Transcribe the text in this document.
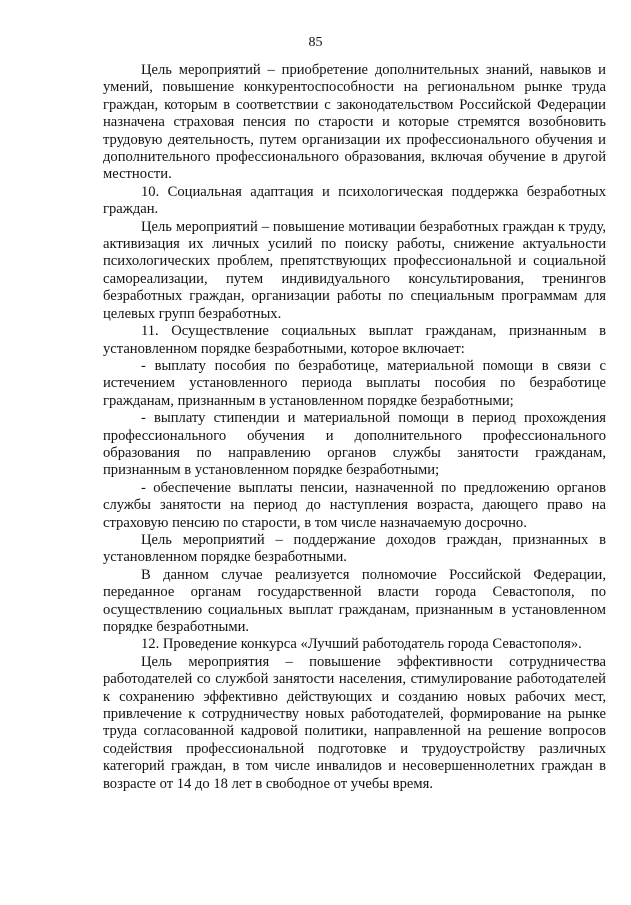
85

Цель мероприятий – приобретение дополнительных знаний, навыков и умений, повышение конкурентоспособности на региональном рынке труда граждан, которым в соответствии с законодательством Российской Федерации назначена страховая пенсия по старости и которые стремятся возобновить трудовую деятельность, путем организации их профессионального обучения и дополнительного профессионального образования, включая обучение в другой местности.

10. Социальная адаптация и психологическая поддержка безработных граждан.

Цель мероприятий – повышение мотивации безработных граждан к труду, активизация их личных усилий по поиску работы, снижение актуальности психологических проблем, препятствующих профессиональной и социальной самореализации, путем индивидуального консультирования, тренингов безработных граждан, организации работы по специальным программам для целевых групп безработных.

11. Осуществление социальных выплат гражданам, признанным в установленном порядке безработными, которое включает:

- выплату пособия по безработице, материальной помощи в связи с истечением установленного периода выплаты пособия по безработице гражданам, признанным в установленном порядке безработными;

- выплату стипендии и материальной помощи в период прохождения профессионального обучения и дополнительного профессионального образования по направлению органов службы занятости гражданам, признанным в установленном порядке безработными;

- обеспечение выплаты пенсии, назначенной по предложению органов службы занятости на период до наступления возраста, дающего право на страховую пенсию по старости, в том числе назначаемую досрочно.

Цель мероприятий – поддержание доходов граждан, признанных в установленном порядке безработными.

В данном случае реализуется полномочие Российской Федерации, переданное органам государственной власти города Севастополя, по осуществлению социальных выплат гражданам, признанным в установленном порядке безработными.

12. Проведение конкурса «Лучший работодатель города Севастополя».

Цель мероприятия – повышение эффективности сотрудничества работодателей со службой занятости населения, стимулирование работодателей к сохранению эффективно действующих и созданию новых рабочих мест, привлечение к сотрудничеству новых работодателей, формирование на рынке труда согласованной кадровой политики, направленной на решение вопросов содействия профессиональной подготовке и трудоустройству различных категорий граждан, в том числе инвалидов и несовершеннолетних граждан в возрасте от 14 до 18 лет в свободное от учебы время.
